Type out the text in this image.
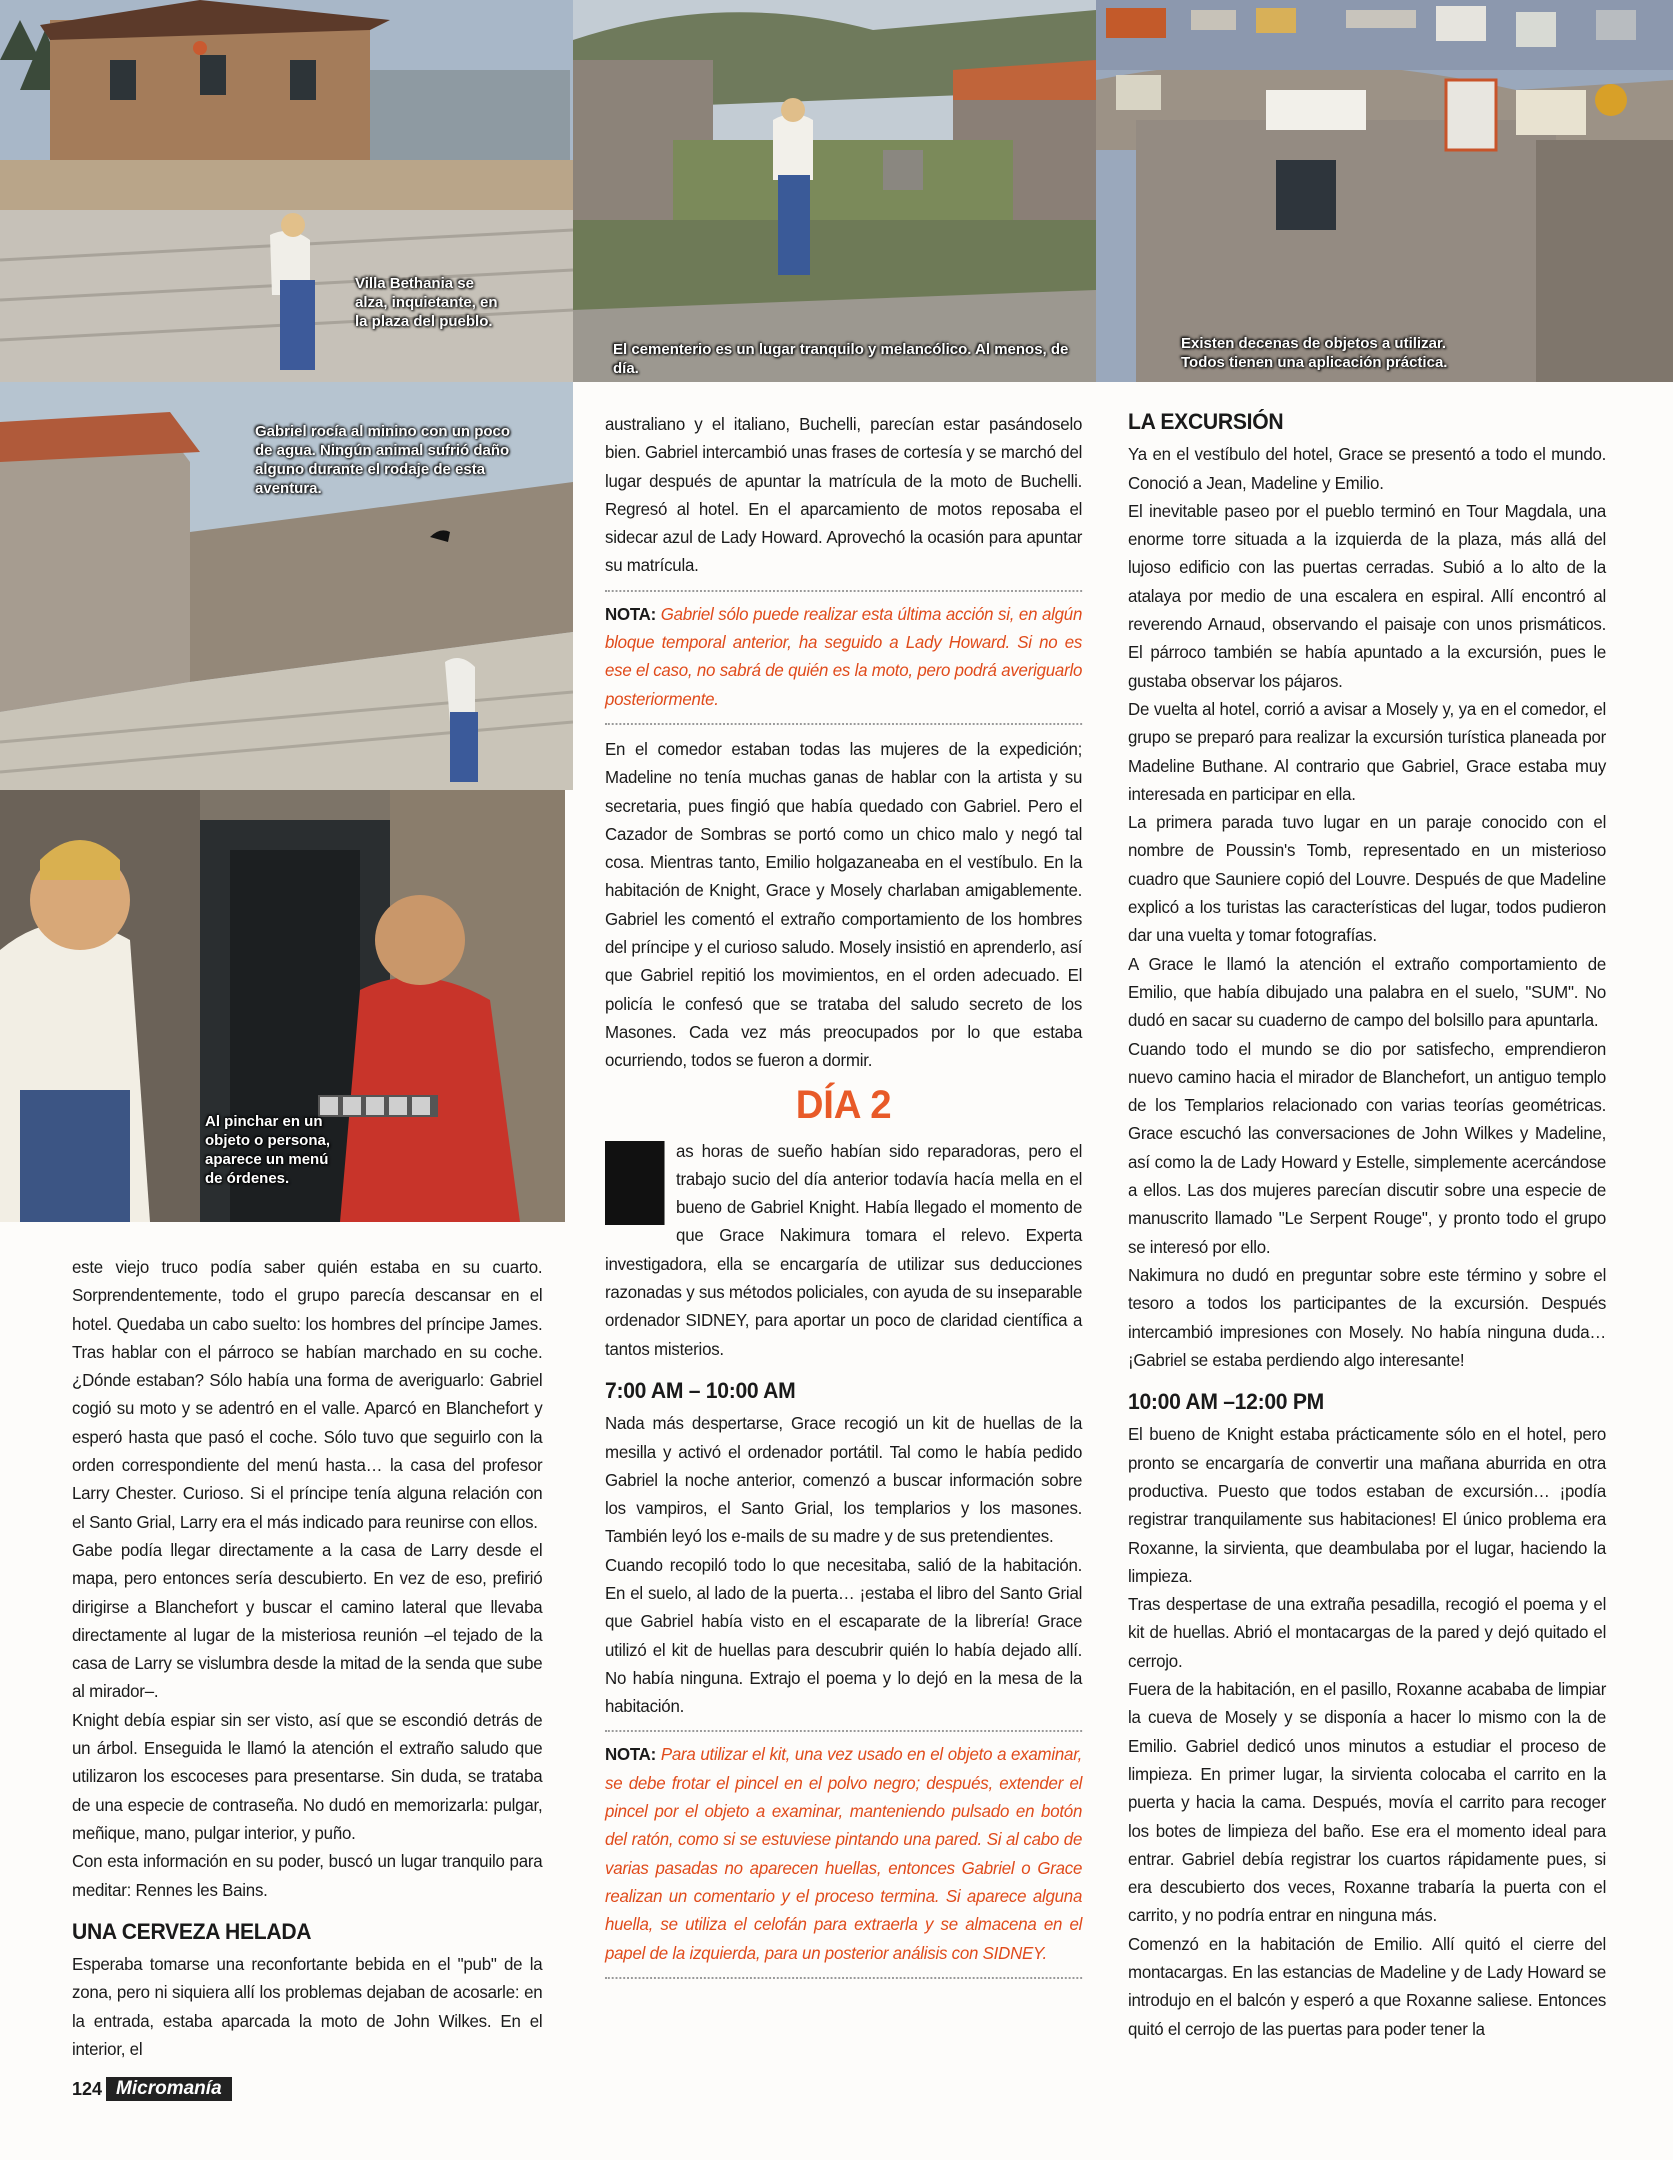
Villa Bethania se alza, inquietante, en la plaza del pueblo.
El cementerio es un lugar tranquilo y melancólico. Al menos, de día.
Existen decenas de objetos a utilizar. Todos tienen una aplicación práctica.
Gabriel rocía al minino con un poco de agua. Ningún animal sufrió daño alguno durante el rodaje de esta aventura.
Al pinchar en un objeto o persona, aparece un menú de órdenes.

este viejo truco podía saber quién estaba en su cuarto. Sorprendentemente, todo el grupo parecía descansar en el hotel. Quedaba un cabo suelto: los hombres del príncipe James. Tras hablar con el párroco se habían marchado en su coche. ¿Dónde estaban? Sólo había una forma de averiguarlo: Gabriel cogió su moto y se adentró en el valle. Aparcó en Blanchefort y esperó hasta que pasó el coche. Sólo tuvo que seguirlo con la orden correspondiente del menú hasta… la casa del profesor Larry Chester. Curioso. Si el príncipe tenía alguna relación con el Santo Grial, Larry era el más indicado para reunirse con ellos.

Gabe podía llegar directamente a la casa de Larry desde el mapa, pero entonces sería descubierto. En vez de eso, prefirió dirigirse a Blanchefort y buscar el camino lateral que llevaba directamente al lugar de la misteriosa reunión –el tejado de la casa de Larry se vislumbra desde la mitad de la senda que sube al mirador–.

Knight debía espiar sin ser visto, así que se escondió detrás de un árbol. Enseguida le llamó la atención el extraño saludo que utilizaron los escoceses para presentarse. Sin duda, se trataba de una especie de contraseña. No dudó en memorizarla: pulgar, meñique, mano, pulgar interior, y puño.

Con esta información en su poder, buscó un lugar tranquilo para meditar: Rennes les Bains.

UNA CERVEZA HELADA

Esperaba tomarse una reconfortante bebida en el "pub" de la zona, pero ni siquiera allí los problemas dejaban de acosarle: en la entrada, estaba aparcada la moto de John Wilkes. En el interior, el

australiano y el italiano, Buchelli, parecían estar pasándoselo bien. Gabriel intercambió unas frases de cortesía y se marchó del lugar después de apuntar la matrícula de la moto de Buchelli. Regresó al hotel. En el aparcamiento de motos reposaba el sidecar azul de Lady Howard. Aprovechó la ocasión para apuntar su matrícula.

NOTA: Gabriel sólo puede realizar esta última acción si, en algún bloque temporal anterior, ha seguido a Lady Howard. Si no es ese el caso, no sabrá de quién es la moto, pero podrá averiguarlo posteriormente.

En el comedor estaban todas las mujeres de la expedición; Madeline no tenía muchas ganas de hablar con la artista y su secretaria, pues fingió que había quedado con Gabriel. Pero el Cazador de Sombras se portó como un chico malo y negó tal cosa. Mientras tanto, Emilio holgazaneaba en el vestíbulo. En la habitación de Knight, Grace y Mosely charlaban amigablemente. Gabriel les comentó el extraño comportamiento de los hombres del príncipe y el curioso saludo. Mosely insistió en aprenderlo, así que Gabriel repitió los movimientos, en el orden adecuado. El policía le confesó que se trataba del saludo secreto de los Masones. Cada vez más preocupados por lo que estaba ocurriendo, todos se fueron a dormir.

DÍA 2

as horas de sueño habían sido reparadoras, pero el trabajo sucio del día anterior todavía hacía mella en el bueno de Gabriel Knight. Había llegado el momento de que Grace Nakimura tomara el relevo. Experta investigadora, ella se encargaría de utilizar sus deducciones razonadas y sus métodos policiales, con ayuda de su inseparable ordenador SIDNEY, para aportar un poco de claridad científica a tantos misterios.

7:00 AM – 10:00 AM

Nada más despertarse, Grace recogió un kit de huellas de la mesilla y activó el ordenador portátil. Tal como le había pedido Gabriel la noche anterior, comenzó a buscar información sobre los vampiros, el Santo Grial, los templarios y los masones. También leyó los e-mails de su madre y de sus pretendientes.

Cuando recopiló todo lo que necesitaba, salió de la habitación. En el suelo, al lado de la puerta… ¡estaba el libro del Santo Grial que Gabriel había visto en el escaparate de la librería! Grace utilizó el kit de huellas para descubrir quién lo había dejado allí. No había ninguna. Extrajo el poema y lo dejó en la mesa de la habitación.

NOTA: Para utilizar el kit, una vez usado en el objeto a examinar, se debe frotar el pincel en el polvo negro; después, extender el pincel por el objeto a examinar, manteniendo pulsado en botón del ratón, como si se estuviese pintando una pared. Si al cabo de varias pasadas no aparecen huellas, entonces Gabriel o Grace realizan un comentario y el proceso termina. Si aparece alguna huella, se utiliza el celofán para extraerla y se almacena en el papel de la izquierda, para un posterior análisis con SIDNEY.
LA EXCURSIÓN

Ya en el vestíbulo del hotel, Grace se presentó a todo el mundo. Conoció a Jean, Madeline y Emilio.

El inevitable paseo por el pueblo terminó en Tour Magdala, una enorme torre situada a la izquierda de la plaza, más allá del lujoso edificio con las puertas cerradas. Subió a lo alto de la atalaya por medio de una escalera en espiral. Allí encontró al reverendo Arnaud, observando el paisaje con unos prismáticos. El párroco también se había apuntado a la excursión, pues le gustaba observar los pájaros.

De vuelta al hotel, corrió a avisar a Mosely y, ya en el comedor, el grupo se preparó para realizar la excursión turística planeada por Madeline Buthane. Al contrario que Gabriel, Grace estaba muy interesada en participar en ella.

La primera parada tuvo lugar en un paraje conocido con el nombre de Poussin's Tomb, representado en un misterioso cuadro que Sauniere copió del Louvre. Después de que Madeline explicó a los turistas las características del lugar, todos pudieron dar una vuelta y tomar fotografías.

A Grace le llamó la atención el extraño comportamiento de Emilio, que había dibujado una palabra en el suelo, "SUM". No dudó en sacar su cuaderno de campo del bolsillo para apuntarla.

Cuando todo el mundo se dio por satisfecho, emprendieron nuevo camino hacia el mirador de Blanchefort, un antiguo templo de los Templarios relacionado con varias teorías geométricas. Grace escuchó las conversaciones de John Wilkes y Madeline, así como la de Lady Howard y Estelle, simplemente acercándose a ellos. Las dos mujeres parecían discutir sobre una especie de manuscrito llamado "Le Serpent Rouge", y pronto todo el grupo se interesó por ello.

Nakimura no dudó en preguntar sobre este término y sobre el tesoro a todos los participantes de la excursión. Después intercambió impresiones con Mosely. No había ninguna duda… ¡Gabriel se estaba perdiendo algo interesante!

10:00 AM –12:00 PM

El bueno de Knight estaba prácticamente sólo en el hotel, pero pronto se encargaría de convertir una mañana aburrida en otra productiva. Puesto que todos estaban de excursión… ¡podía registrar tranquilamente sus habitaciones! El único problema era Roxanne, la sirvienta, que deambulaba por el lugar, haciendo la limpieza.

Tras despertase de una extraña pesadilla, recogió el poema y el kit de huellas. Abrió el montacargas de la pared y dejó quitado el cerrojo.

Fuera de la habitación, en el pasillo, Roxanne acababa de limpiar la cueva de Mosely y se disponía a hacer lo mismo con la de Emilio. Gabriel dedicó unos minutos a estudiar el proceso de limpieza. En primer lugar, la sirvienta colocaba el carrito en la puerta y hacia la cama. Después, movía el carrito para recoger los botes de limpieza del baño. Ese era el momento ideal para entrar. Gabriel debía registrar los cuartos rápidamente pues, si era descubierto dos veces, Roxanne trabaría la puerta con el carrito, y no podría entrar en ninguna más.

Comenzó en la habitación de Emilio. Allí quitó el cierre del montacargas. En las estancias de Madeline y de Lady Howard se introdujo en el balcón y esperó a que Roxanne saliese. Entonces quitó el cerrojo de las puertas para poder tener la

124 Micromanía
